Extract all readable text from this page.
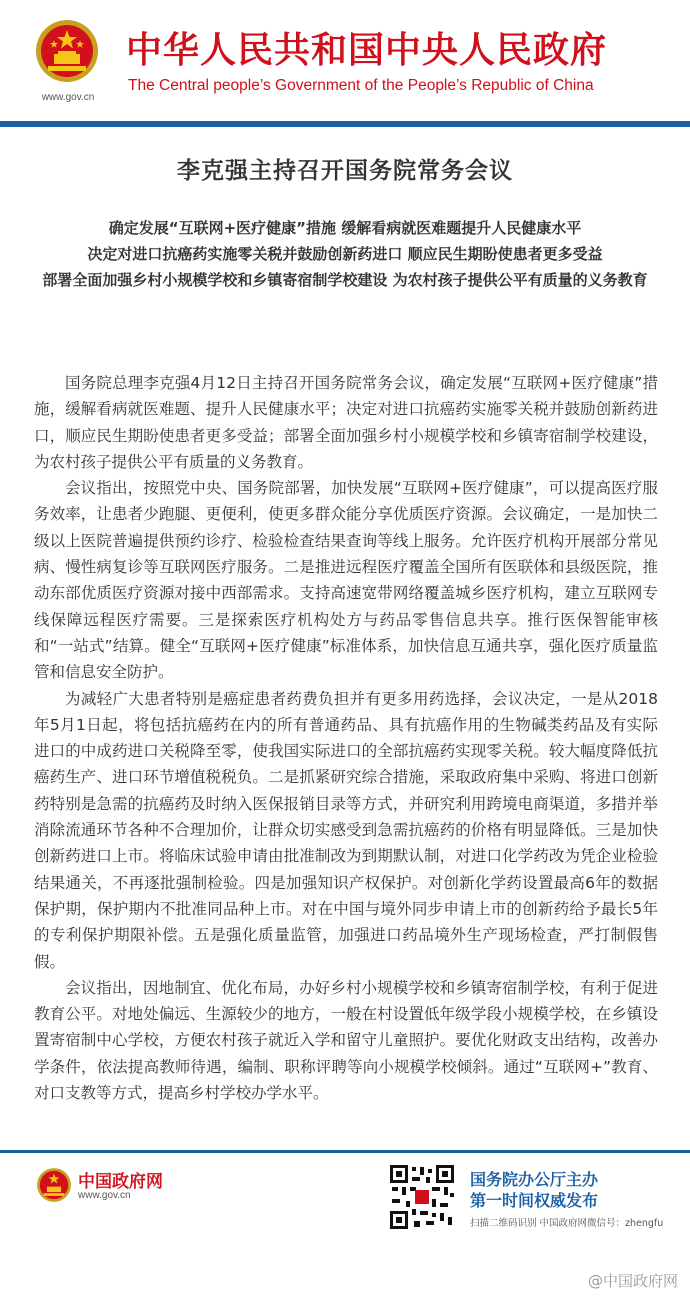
www.gov.cn
中华人民共和国中央人民政府
The Central people’s Government of the People’s Republic of China
李克强主持召开国务院常务会议
确定发展“互联网+医疗健康”措施 缓解看病就医难题提升人民健康水平
决定对进口抗癌药实施零关税并鼓励创新药进口 顺应民生期盼使患者更多受益
部署全面加强乡村小规模学校和乡镇寄宿制学校建设 为农村孩子提供公平有质量的义务教育

国务院总理李克强4月12日主持召开国务院常务会议，确定发展“互联网+医疗健康”措施，缓解看病就医难题、提升人民健康水平；决定对进口抗癌药实施零关税并鼓励创新药进口，顺应民生期盼使患者更多受益；部署全面加强乡村小规模学校和乡镇寄宿制学校建设，为农村孩子提供公平有质量的义务教育。

会议指出，按照党中央、国务院部署，加快发展“互联网+医疗健康”，可以提高医疗服务效率，让患者少跑腿、更便利，使更多群众能分享优质医疗资源。会议确定，一是加快二级以上医院普遍提供预约诊疗、检验检查结果查询等线上服务。允许医疗机构开展部分常见病、慢性病复诊等互联网医疗服务。二是推进远程医疗覆盖全国所有医联体和县级医院，推动东部优质医疗资源对接中西部需求。支持高速宽带网络覆盖城乡医疗机构，建立互联网专线保障远程医疗需要。三是探索医疗机构处方与药品零售信息共享。推行医保智能审核和“一站式”结算。健全“互联网+医疗健康”标准体系，加快信息互通共享，强化医疗质量监管和信息安全防护。

为减轻广大患者特别是癌症患者药费负担并有更多用药选择，会议决定，一是从2018年5月1日起，将包括抗癌药在内的所有普通药品、具有抗癌作用的生物碱类药品及有实际进口的中成药进口关税降至零，使我国实际进口的全部抗癌药实现零关税。较大幅度降低抗癌药生产、进口环节增值税税负。二是抓紧研究综合措施，采取政府集中采购、将进口创新药特别是急需的抗癌药及时纳入医保报销目录等方式，并研究利用跨境电商渠道，多措并举消除流通环节各种不合理加价，让群众切实感受到急需抗癌药的价格有明显降低。三是加快创新药进口上市。将临床试验申请由批准制改为到期默认制，对进口化学药改为凭企业检验结果通关，不再逐批强制检验。四是加强知识产权保护。对创新化学药设置最高6年的数据保护期，保护期内不批准同品种上市。对在中国与境外同步申请上市的创新药给予最长5年的专利保护期限补偿。五是强化质量监管，加强进口药品境外生产现场检查，严打制假售假。

会议指出，因地制宜、优化布局，办好乡村小规模学校和乡镇寄宿制学校，有利于促进教育公平。对地处偏远、生源较少的地方，一般在村设置低年级学段小规模学校，在乡镇设置寄宿制中心学校，方便农村孩子就近入学和留守儿童照护。要优化财政支出结构，改善办学条件，依法提高教师待遇，编制、职称评聘等向小规模学校倾斜。通过“互联网+”教育、对口支教等方式，提高乡村学校办学水平。

中国政府网
www.gov.cn
国务院办公厅主办
第一时间权威发布
扫描二维码识别 中国政府网微信号：zhengfu
@中国政府网
